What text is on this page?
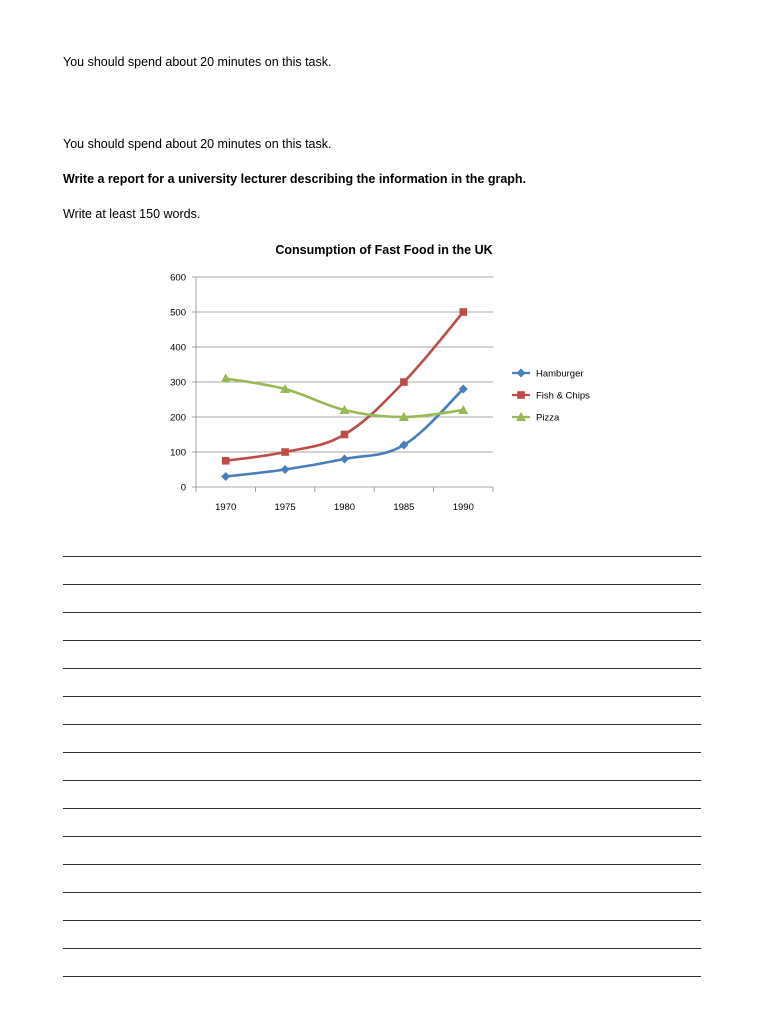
You should spend about 20 minutes on this task.
You should spend about 20 minutes on this task.
Write a report for a university lecturer describing the information in the graph.
Write at least 150 words.
Consumption of Fast Food in the UK
0
100
200
300
400
500
600
1970	1975	1980	1985	1990
Hamburger
Fish & Chips
Pizza
